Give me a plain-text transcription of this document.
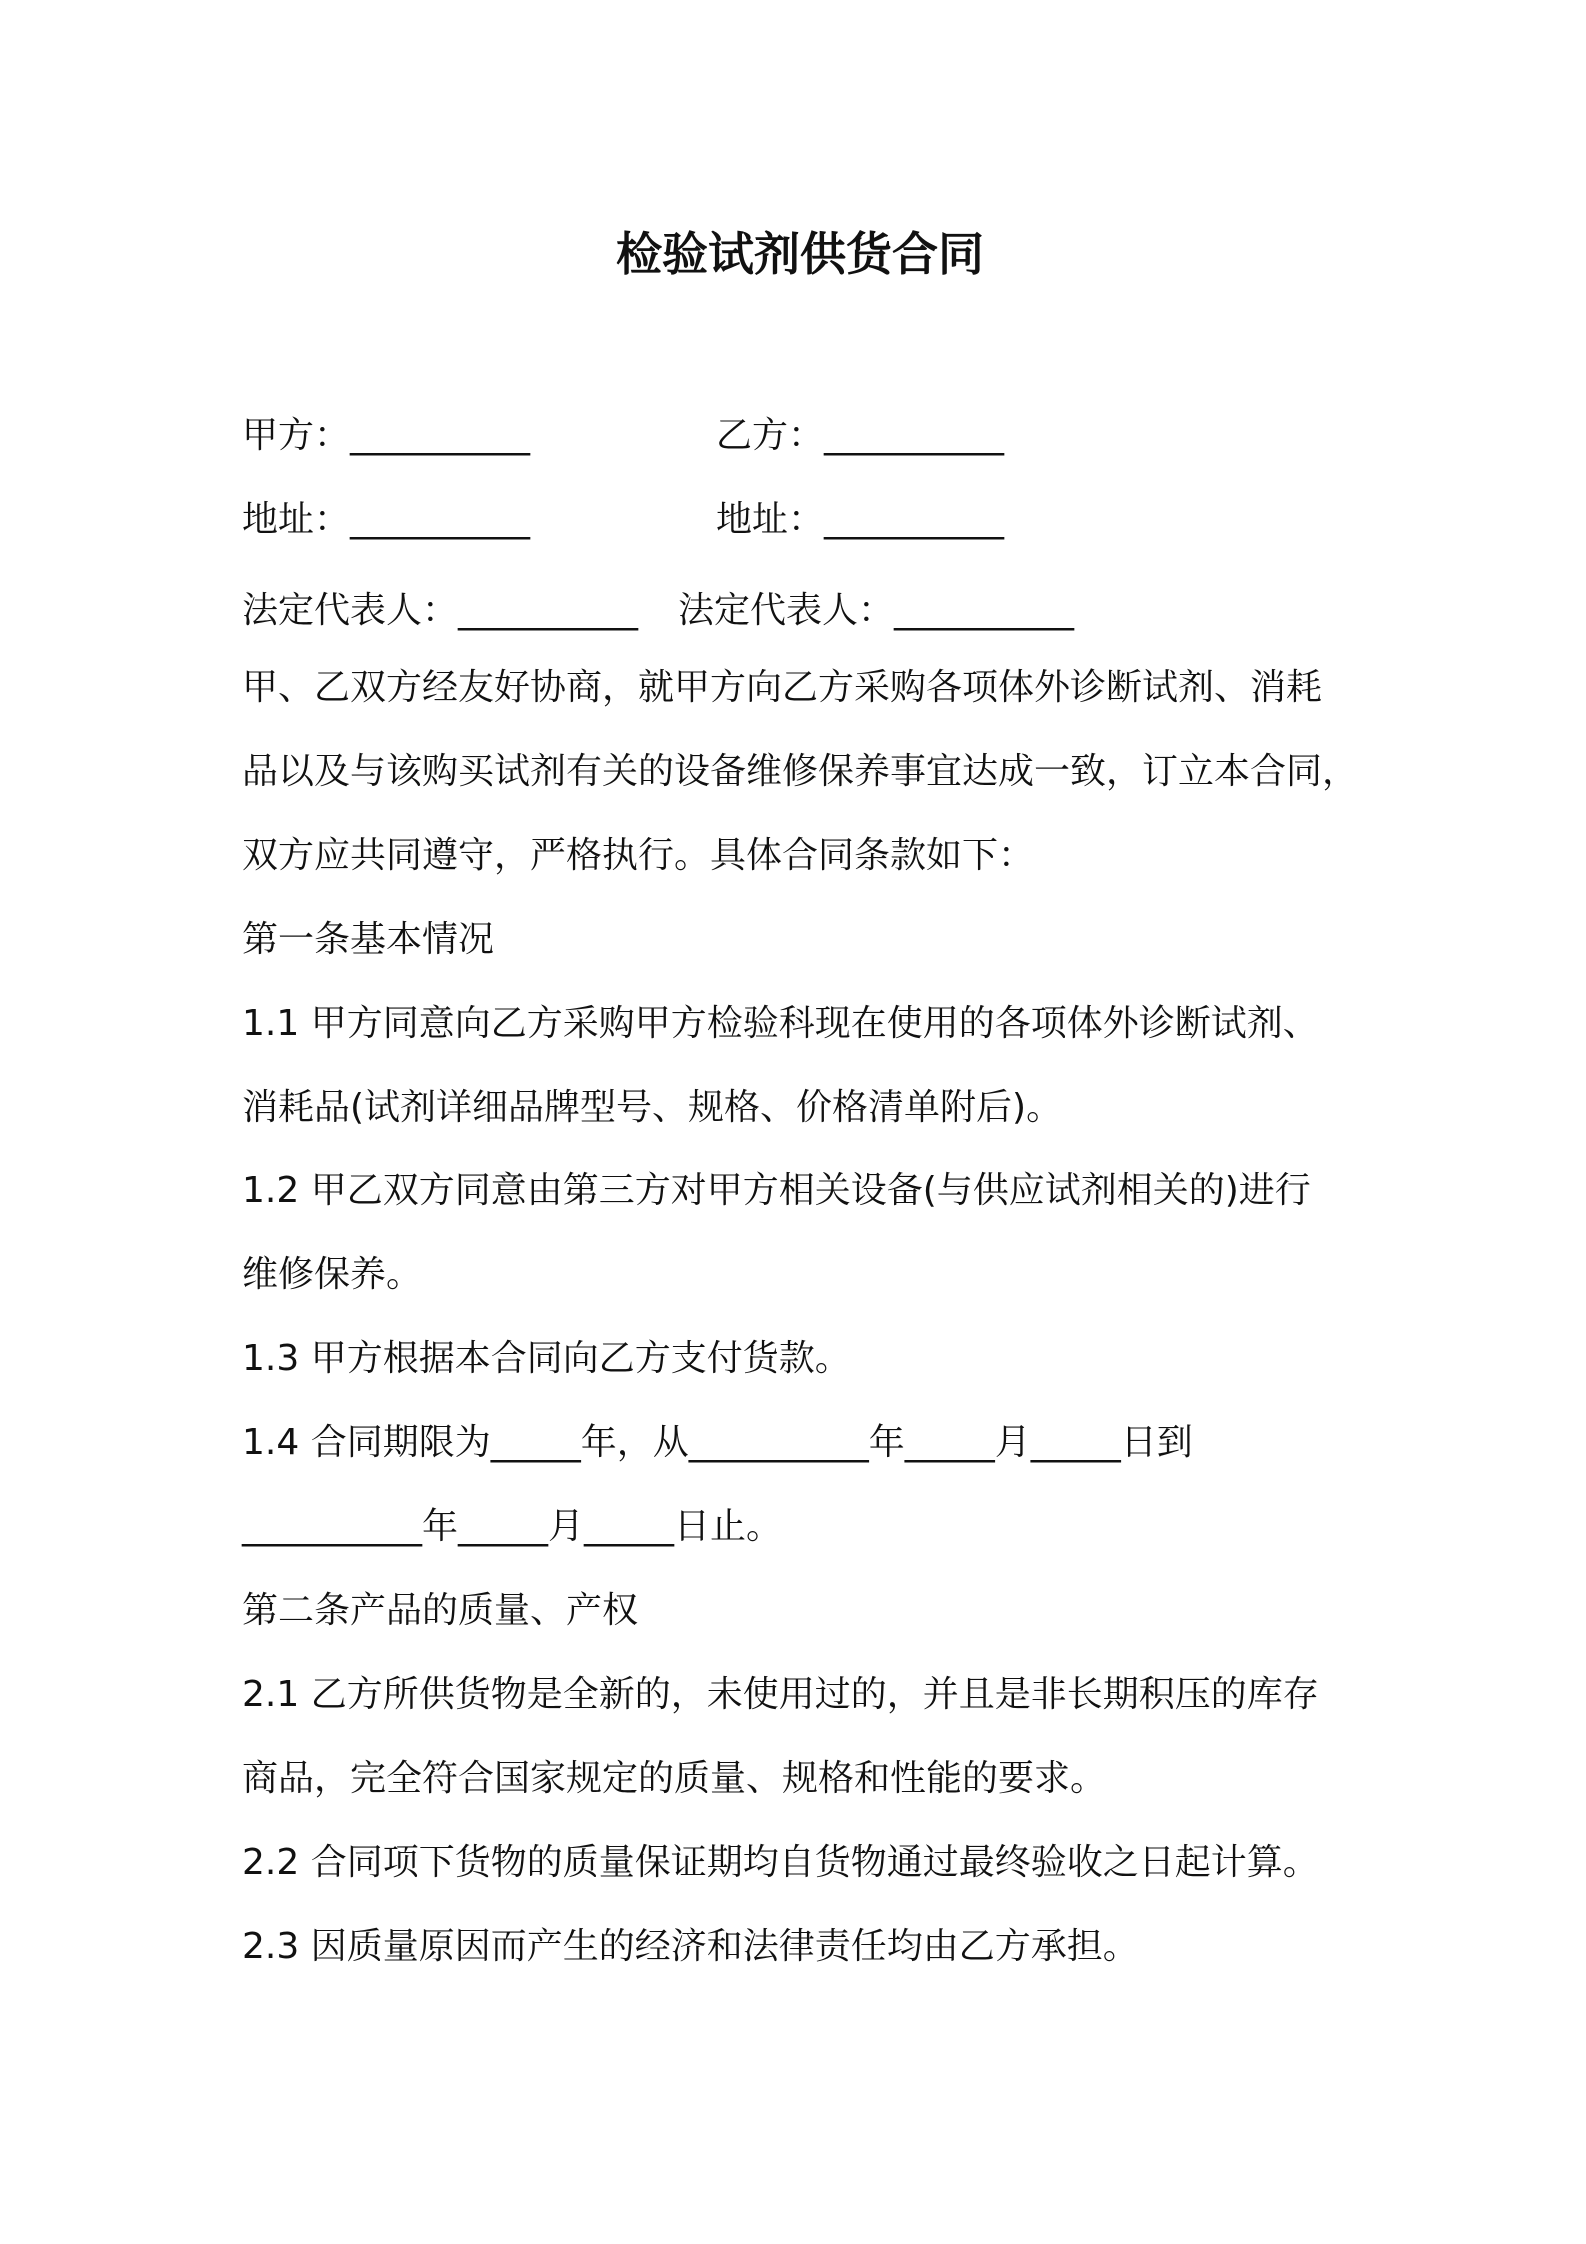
检验试剂供货合同
甲方：__________	乙方：__________
地址：__________	地址：__________
法定代表人：__________ 法定代表人：__________
甲、乙双方经友好协商，就甲方向乙方采购各项体外诊断试剂、消耗
品以及与该购买试剂有关的设备维修保养事宜达成一致，订立本合同，
双方应共同遵守，严格执行。具体合同条款如下：
第一条基本情况
1.1 甲方同意向乙方采购甲方检验科现在使用的各项体外诊断试剂、
消耗品(试剂详细品牌型号、规格、价格清单附后)。
1.2 甲乙双方同意由第三方对甲方相关设备(与供应试剂相关的)进行
维修保养。
1.3 甲方根据本合同向乙方支付货款。
1.4 合同期限为_____年，从__________年_____月_____日到
__________年_____月_____日止。
第二条产品的质量、产权
2.1 乙方所供货物是全新的，未使用过的，并且是非长期积压的库存
商品，完全符合国家规定的质量、规格和性能的要求。
2.2 合同项下货物的质量保证期均自货物通过最终验收之日起计算。
2.3 因质量原因而产生的经济和法律责任均由乙方承担。
